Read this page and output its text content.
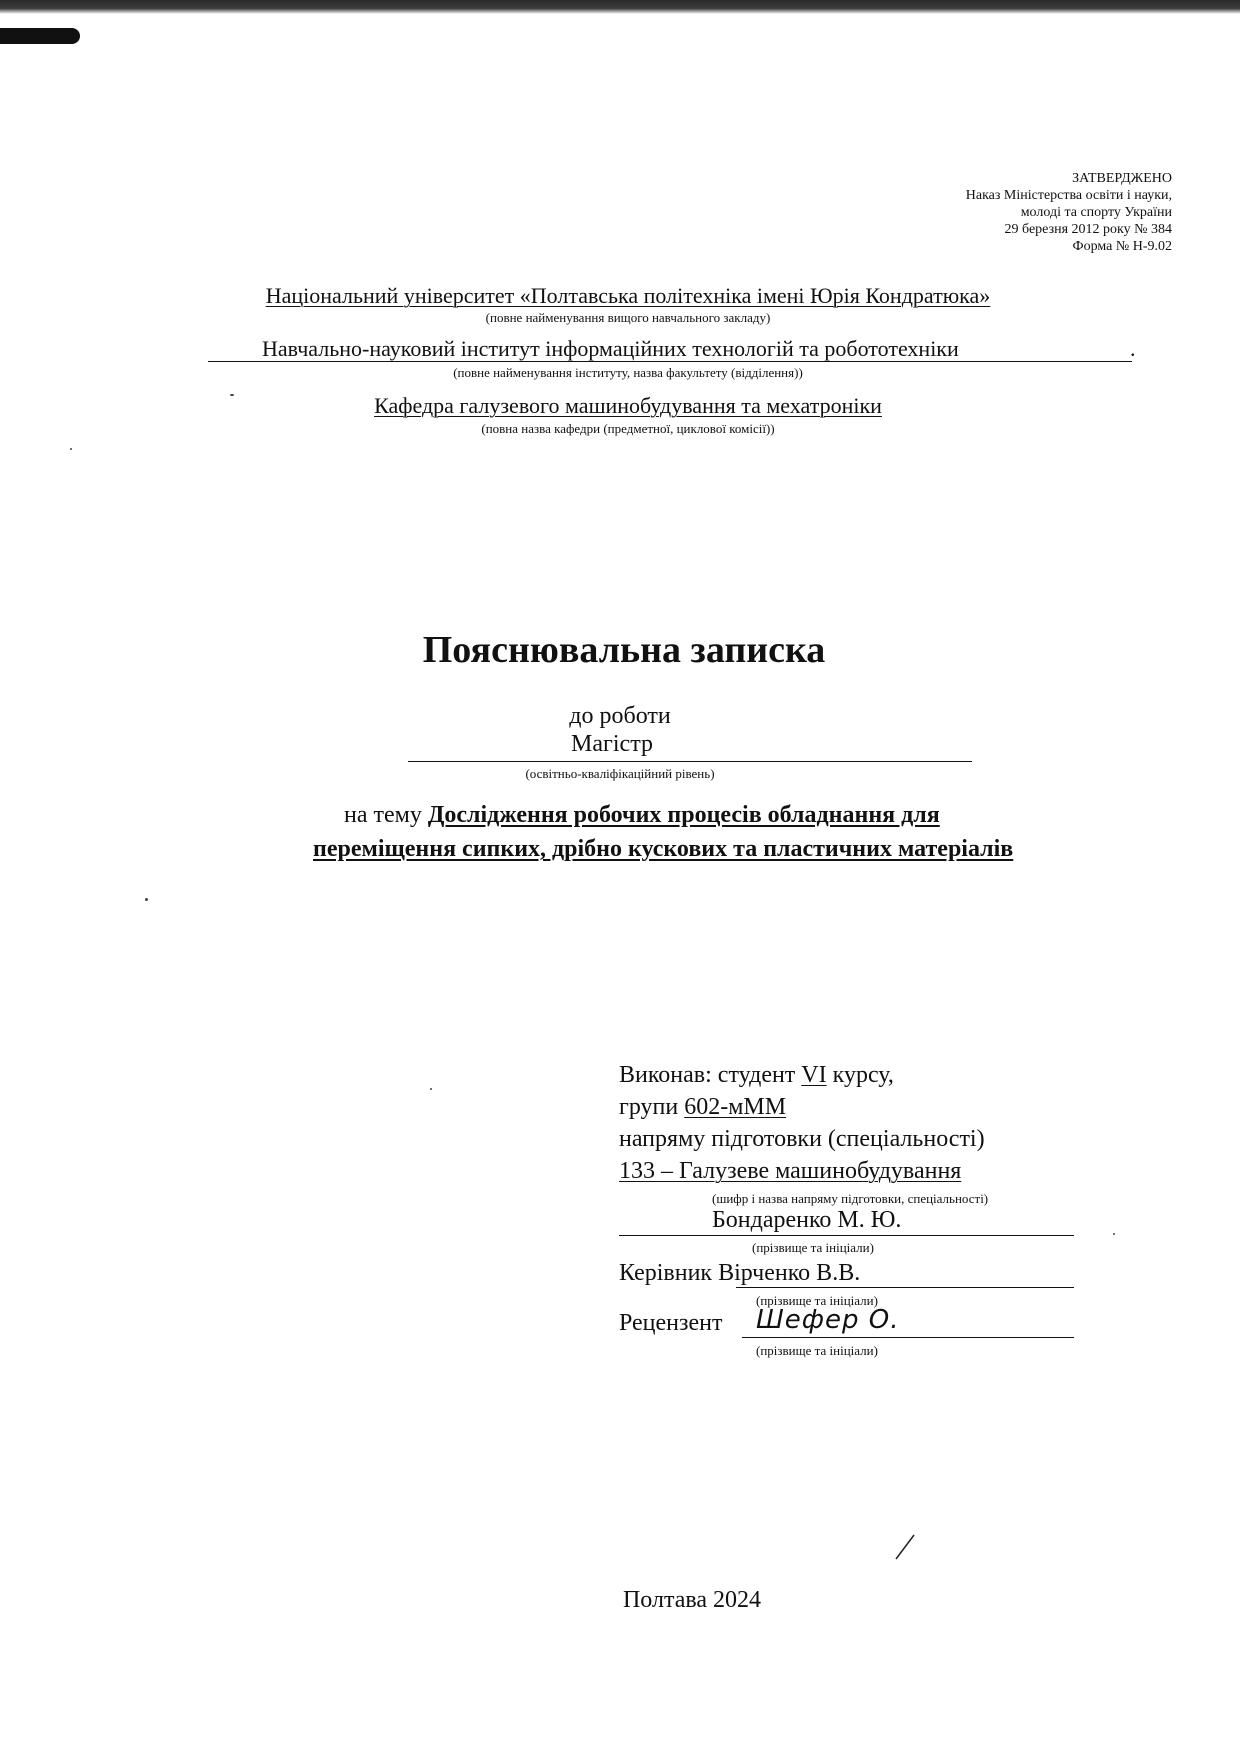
ЗАТВЕРДЖЕНО
Наказ Міністерства освіти і науки,
молоді та спорту України
29 березня 2012 року № 384
Форма № Н-9.02
Національний університет «Полтавська політехніка імені Юрія Кондратюка»
(повне найменування вищого навчального закладу)
Навчально-науковий інститут інформаційних технологій та робототехніки	.
(повне найменування інституту, назва факультету (відділення))
Кафедра галузевого машинобудування та мехатроніки
(повна назва кафедри (предметної, циклової комісії))
Пояснювальна записка
до роботи
Магістр
(освітньо-кваліфікаційний рівень)
на тему Дослідження робочих процесів обладнання для
переміщення сипких, дрібно кускових та пластичних матеріалів
Виконав: студент VI курсу,
групи 602-мММ
напряму підготовки (спеціальності)
133 – Галузеве машинобудування
(шифр і назва напряму підготовки, спеціальності)
Бондаренко М. Ю.
(прізвище та ініціали)
Керівник Вірченко В.В.
(прізвище та ініціали)
Рецензент Шефер О.
(прізвище та ініціали)
Полтава 2024
